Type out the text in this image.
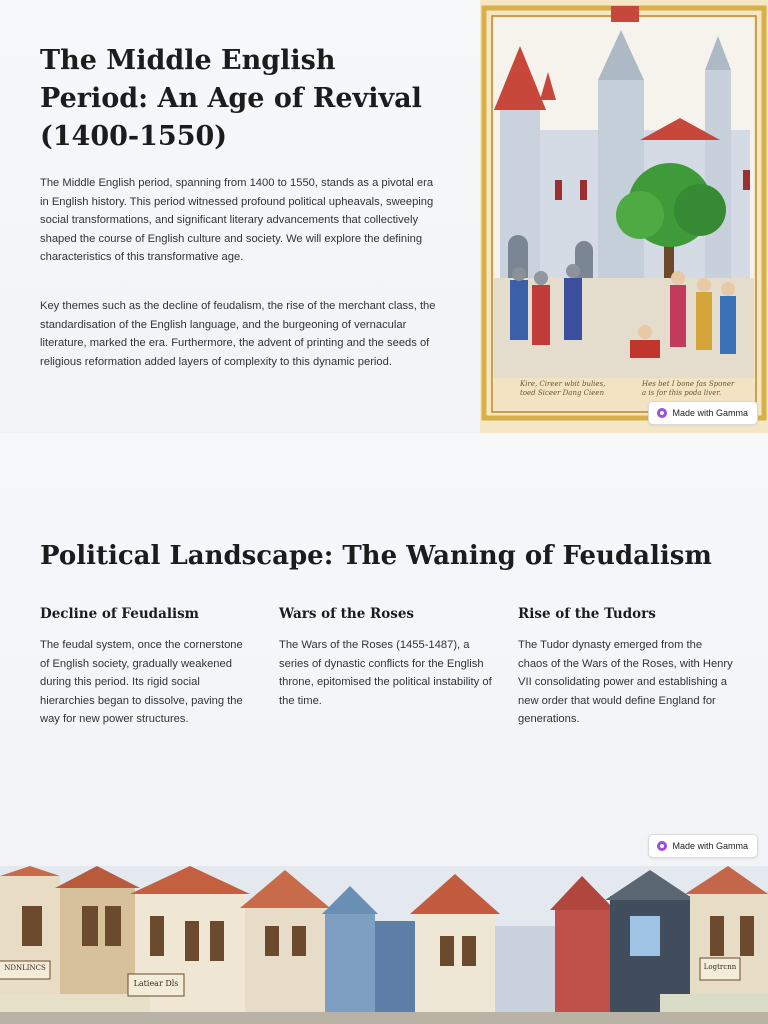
The Middle English Period: An Age of Revival (1400-1550)

The Middle English period, spanning from 1400 to 1550, stands as a pivotal era in English history. This period witnessed profound political upheavals, sweeping social transformations, and significant literary advancements that collectively shaped the course of English culture and society. We will explore the defining characteristics of this transformative age.

Key themes such as the decline of feudalism, the rise of the merchant class, the standardisation of the English language, and the burgeoning of vernacular literature, marked the era. Furthermore, the advent of printing and the seeds of religious reformation added layers of complexity to this dynamic period.

Kire, Cireer wbit bulies, toed Siceer Dang Cieen
Hes bet I bone fas Sponer a is for this poda liver.
Made with Gamma
Political Landscape: The Waning of Feudalism
Decline of Feudalism

The feudal system, once the cornerstone of English society, gradually weakened during this period. Its rigid social hierarchies began to dissolve, paving the way for new power structures.

Wars of the Roses

The Wars of the Roses (1455-1487), a series of dynastic conflicts for the English throne, epitomised the political instability of the time.

Rise of the Tudors

The Tudor dynasty emerged from the chaos of the Wars of the Roses, with Henry VII consolidating power and establishing a new order that would define England for generations.

Made with Gamma
NDNLINCS
Latiear Dls
Logtrcnn
